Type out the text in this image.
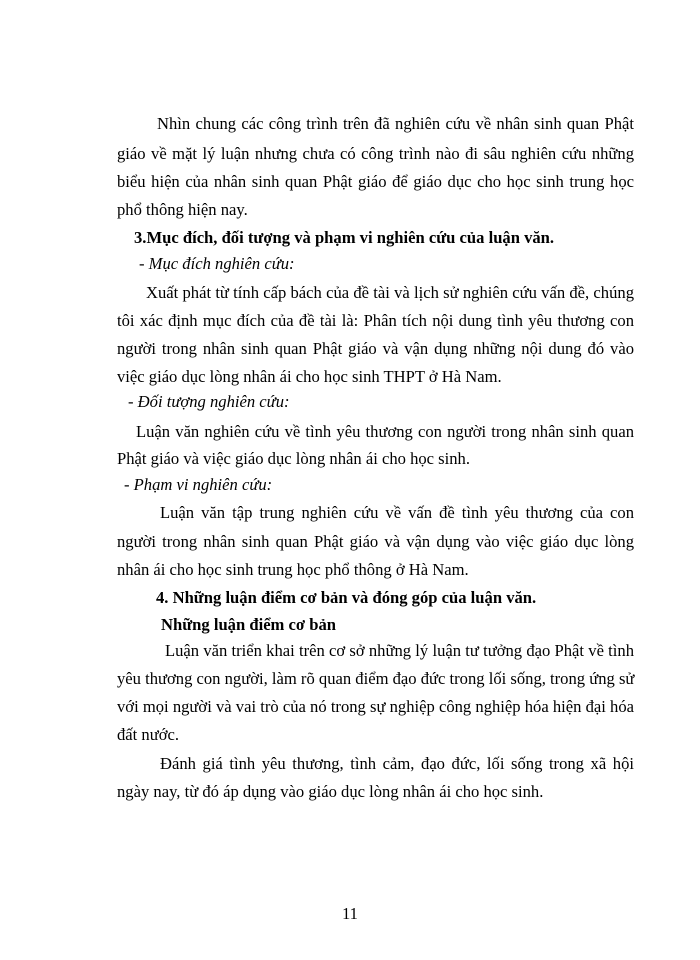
Nhìn chung các công trình trên đã nghiên cứu về nhân sinh quan Phật
giáo về mặt lý luận nhưng chưa có công trình nào đi sâu nghiên cứu những
biểu hiện của nhân sinh quan Phật giáo để giáo dục cho học sinh trung học
phổ thông hiện nay.
3.Mục đích, đối tượng và phạm vi nghiên cứu của luận văn.
- Mục đích nghiên cứu:
Xuất phát từ tính cấp bách của đề tài và lịch sử nghiên cứu vấn đề, chúng
tôi xác định mục đích của đề tài là: Phân tích nội dung tình yêu thương con
người trong nhân sinh quan Phật giáo và vận dụng những nội dung đó vào
việc giáo dục lòng nhân ái cho học sinh THPT ở Hà Nam.
- Đối tượng nghiên cứu:
Luận văn nghiên cứu về tình yêu thương con người trong nhân sinh quan
Phật giáo và việc giáo dục lòng nhân ái cho học sinh.
- Phạm vi nghiên cứu:
Luận văn tập trung nghiên cứu về vấn đề tình yêu thương của con
người trong nhân sinh quan Phật giáo và vận dụng vào việc giáo dục lòng
nhân ái cho học sinh trung học phổ thông ở Hà Nam.
4. Những luận điểm cơ bản và đóng góp của luận văn.
Những luận điểm cơ bản
Luận văn triển khai trên cơ sở những lý luận tư tưởng đạo Phật về tình
yêu thương con người, làm rõ quan điểm đạo đức trong lối sống, trong ứng sử
với mọi người và vai trò của nó trong sự nghiệp công nghiệp hóa hiện đại hóa
đất nước.
Đánh giá tình yêu thương, tình cảm, đạo đức, lối sống trong xã hội
ngày nay, từ đó áp dụng vào giáo dục lòng nhân ái cho học sinh.
11
